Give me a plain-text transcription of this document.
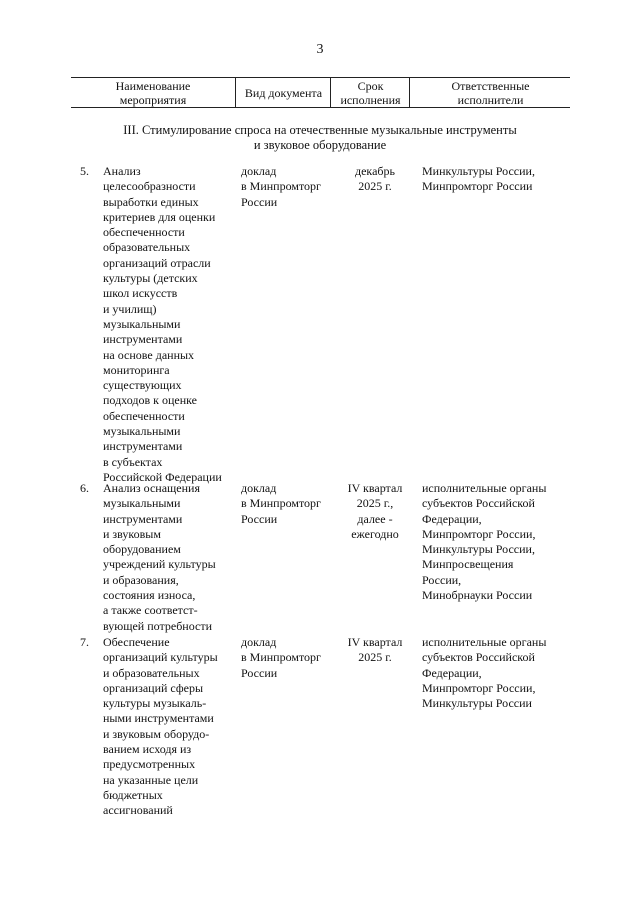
3
Наименование
мероприятия	Вид документа	Срок
исполнения
Ответственные
исполнители
III. Стимулирование спроса на отечественные музыкальные инструменты
и звуковое оборудование
5. Анализ
целесообразности
выработки единых
критериев для оценки
обеспеченности
образовательных
организаций отрасли
культуры (детских
школ искусств
и училищ)
музыкальными
инструментами
на основе данных
мониторинга
существующих
подходов к оценке
обеспеченности
музыкальными
инструментами
в субъектах
Российской Федерации
доклад
в Минпромторг
России
декабрь
2025 г.
Минкультуры России,
Минпромторг России
6. Анализ оснащения
музыкальными
инструментами
и звуковым
оборудованием
учреждений культуры
и образования,
состояния износа,
а также соответст-
вующей потребности
доклад
в Минпромторг
России
IV квартал
2025 г.,
далее -
ежегодно
исполнительные органы
субъектов Российской
Федерации,
Минпромторг России,
Минкультуры России,
Минпросвещения
России,
Минобрнауки России
7. Обеспечение
организаций культуры
и образовательных
организаций сферы
культуры музыкаль-
ными инструментами
и звуковым оборудо-
ванием исходя из
предусмотренных
на указанные цели
бюджетных
ассигнований
доклад
в Минпромторг
России
IV квартал
2025 г.
исполнительные органы
субъектов Российской
Федерации,
Минпромторг России,
Минкультуры России
